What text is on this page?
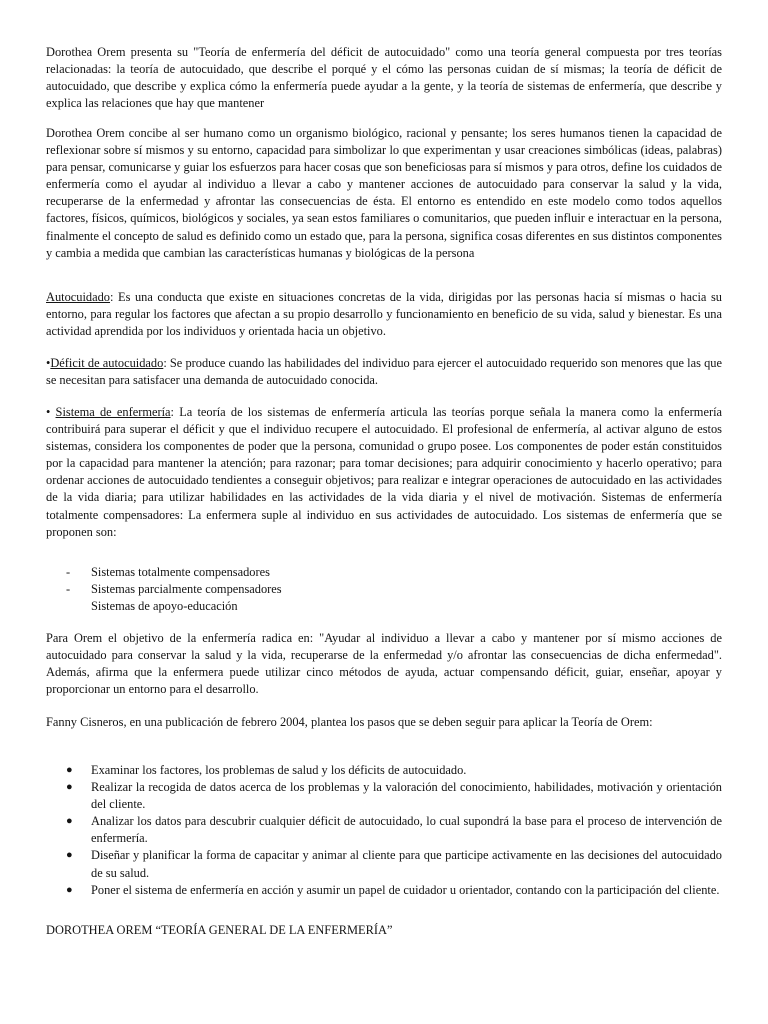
Dorothea Orem presenta su "Teoría de enfermería del déficit de autocuidado" como una teoría general compuesta por tres teorías relacionadas: la teoría de autocuidado, que describe el porqué y el cómo las personas cuidan de sí mismas; la teoría de déficit de autocuidado, que describe y explica cómo la enfermería puede ayudar a la gente, y la teoría de sistemas de enfermería, que describe y explica las relaciones que hay que mantener

Dorothea Orem concibe al ser humano como un organismo biológico, racional y pensante; los seres humanos tienen la capacidad de reflexionar sobre sí mismos y su entorno, capacidad para simbolizar lo que experimentan y usar creaciones simbólicas (ideas, palabras) para pensar, comunicarse y guiar los esfuerzos para hacer cosas que son beneficiosas para sí mismos y para otros, define los cuidados de enfermería como el ayudar al individuo a llevar a cabo y mantener acciones de autocuidado para conservar la salud y la vida, recuperarse de la enfermedad y afrontar las consecuencias de ésta. El entorno es entendido en este modelo como todos aquellos factores, físicos, químicos, biológicos y sociales, ya sean estos familiares o comunitarios, que pueden influir e interactuar en la persona, finalmente el concepto de salud es definido como un estado que, para la persona, significa cosas diferentes en sus distintos componentes y cambia a medida que cambian las características humanas y biológicas de la persona

Autocuidado: Es una conducta que existe en situaciones concretas de la vida, dirigidas por las personas hacia sí mismas o hacia su entorno, para regular los factores que afectan a su propio desarrollo y funcionamiento en beneficio de su vida, salud y bienestar. Es una actividad aprendida por los individuos y orientada hacia un objetivo.

•Déficit de autocuidado: Se produce cuando las habilidades del individuo para ejercer el autocuidado requerido son menores que las que se necesitan para satisfacer una demanda de autocuidado conocida.

• Sistema de enfermería: La teoría de los sistemas de enfermería articula las teorías porque señala la manera como la enfermería contribuirá para superar el déficit y que el individuo recupere el autocuidado. El profesional de enfermería, al activar alguno de estos sistemas, considera los componentes de poder que la persona, comunidad o grupo posee. Los componentes de poder están constituidos por la capacidad para mantener la atención; para razonar; para tomar decisiones; para adquirir conocimiento y hacerlo operativo; para ordenar acciones de autocuidado tendientes a conseguir objetivos; para realizar e integrar operaciones de autocuidado en las actividades de la vida diaria; para utilizar habilidades en las actividades de la vida diaria y el nivel de motivación. Sistemas de enfermería totalmente compensadores: La enfermera suple al individuo en sus actividades de autocuidado. Los sistemas de enfermería que se proponen son:

- Sistemas totalmente compensadores
- Sistemas parcialmente compensadores
Sistemas de apoyo-educación

Para Orem el objetivo de la enfermería radica en: "Ayudar al individuo a llevar a cabo y mantener por sí mismo acciones de autocuidado para conservar la salud y la vida, recuperarse de la enfermedad y/o afrontar las consecuencias de dicha enfermedad". Además, afirma que la enfermera puede utilizar cinco métodos de ayuda, actuar compensando déficit, guiar, enseñar, apoyar y proporcionar un entorno para el desarrollo.

Fanny Cisneros, en una publicación de febrero 2004, plantea los pasos que se deben seguir para aplicar la Teoría de Orem:

● Examinar los factores, los problemas de salud y los déficits de autocuidado.
● Realizar la recogida de datos acerca de los problemas y la valoración del conocimiento, habilidades, motivación y orientación del cliente.
● Analizar los datos para descubrir cualquier déficit de autocuidado, lo cual supondrá la base para el proceso de intervención de enfermería.
● Diseñar y planificar la forma de capacitar y animar al cliente para que participe activamente en las decisiones del autocuidado de su salud.
● Poner el sistema de enfermería en acción y asumir un papel de cuidador u orientador, contando con la participación del cliente.

DOROTHEA OREM “TEORÍA GENERAL DE LA ENFERMERÍA”
